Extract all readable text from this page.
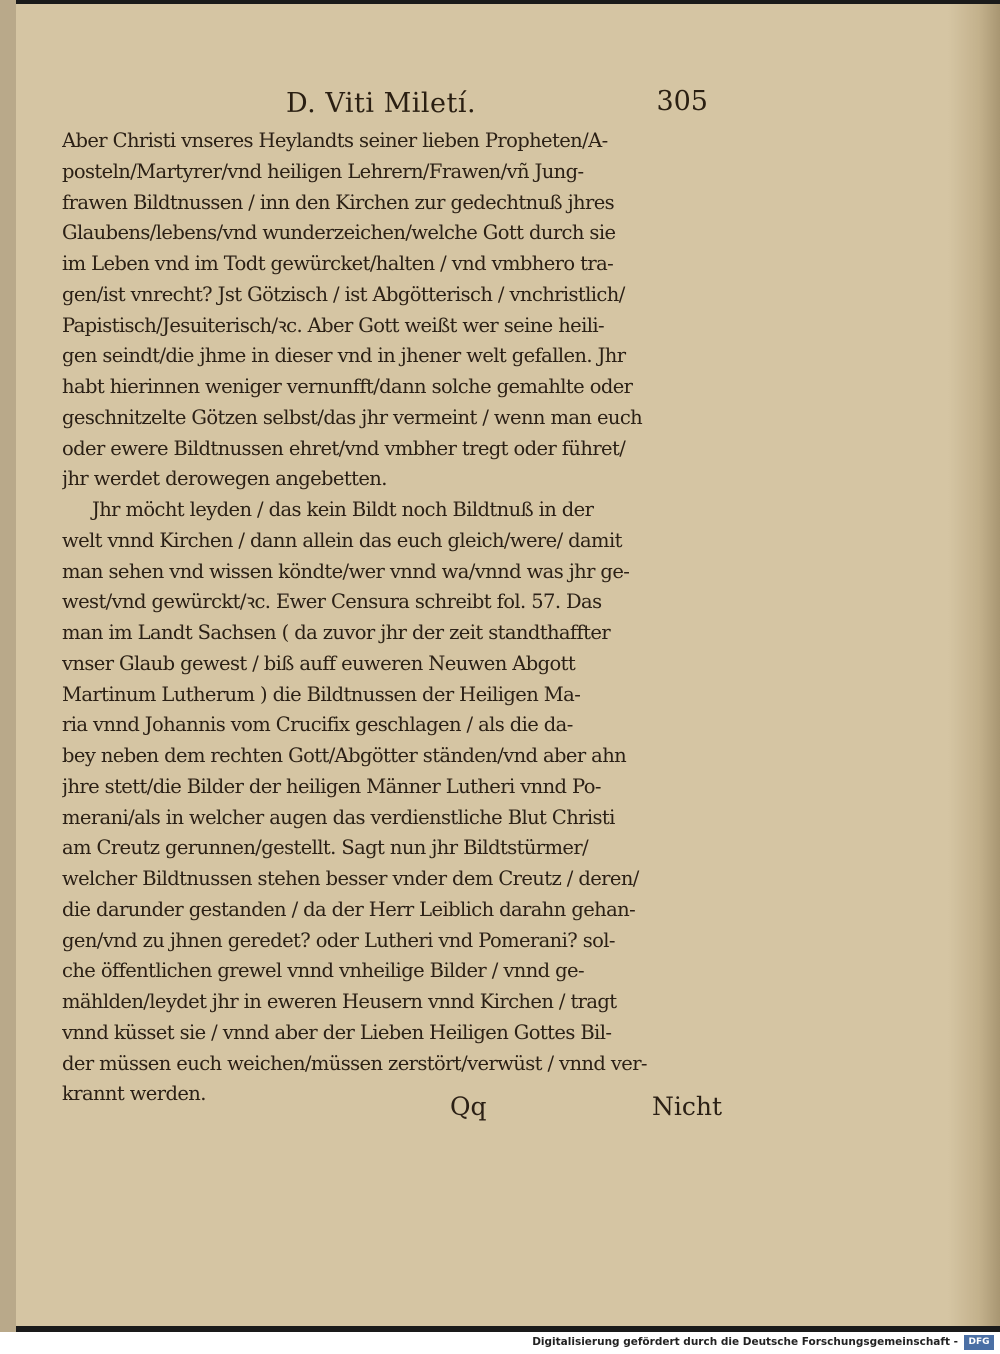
D. Viti Miletí.	305
Aber Christi vnseres Heylandts seiner lieben Propheten/A-
posteln/Martyrer/vnd heiligen Lehrern/Frawen/vñ Jung-
frawen Bildtnussen / inn den Kirchen zur gedechtnuß jhres
Glaubens/lebens/vnd wunderzeichen/welche Gott durch sie
im Leben vnd im Todt gewürcket/halten / vnd vmbhero tra-
gen/ist vnrecht? Jst Götzisch / ist Abgötterisch / vnchristlich/
Papistisch/Jesuiterisch/ꝛc. Aber Gott weißt wer seine heili-
gen seindt/die jhme in dieser vnd in jhener welt gefallen. Jhr
habt hierinnen weniger vernunfft/dann solche gemahlte oder
geschnitzelte Götzen selbst/das jhr vermeint / wenn man euch
oder ewere Bildtnussen ehret/vnd vmbher tregt oder führet/
jhr werdet derowegen angebetten.
Jhr möcht leyden / das kein Bildt noch Bildtnuß in der
welt vnnd Kirchen / dann allein das euch gleich/were/ damit
man sehen vnd wissen köndte/wer vnnd wa/vnnd was jhr ge-
west/vnd gewürckt/ꝛc. Ewer Censura schreibt fol. 57. Das
man im Landt Sachsen ( da zuvor jhr der zeit standthaffter
vnser Glaub gewest / biß auff euweren Neuwen Abgott
Martinum Lutherum ) die Bildtnussen der Heiligen Ma-
ria vnnd Johannis vom Crucifix geschlagen / als die da-
bey neben dem rechten Gott/Abgötter ständen/vnd aber ahn
jhre stett/die Bilder der heiligen Männer Lutheri vnnd Po-
merani/als in welcher augen das verdienstliche Blut Christi
am Creutz gerunnen/gestellt. Sagt nun jhr Bildtstürmer/
welcher Bildtnussen stehen besser vnder dem Creutz / deren/
die darunder gestanden / da der Herr Leiblich darahn gehan-
gen/vnd zu jhnen geredet? oder Lutheri vnd Pomerani? sol-
che öffentlichen grewel vnnd vnheilige Bilder / vnnd ge-
mählden/leydet jhr in eweren Heusern vnnd Kirchen / tragt
vnnd küsset sie / vnnd aber der Lieben Heiligen Gottes Bil-
der müssen euch weichen/müssen zerstört/verwüst / vnnd ver-
krannt werden.	Qq	Nicht
Digitalisierung gefördert durch die Deutsche Forschungsgemeinschaft -	DFG
